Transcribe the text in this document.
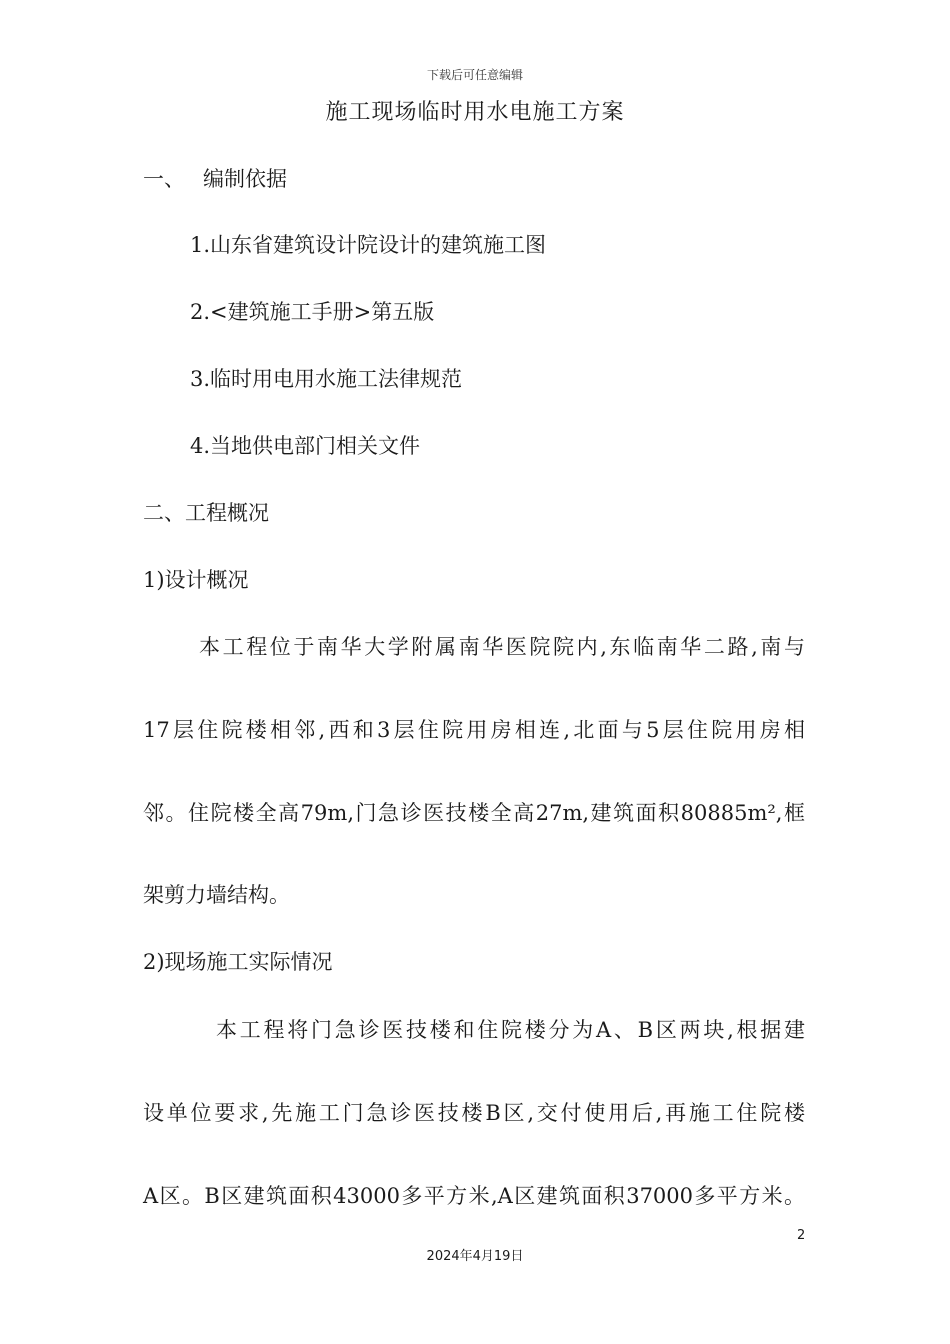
下载后可任意编辑
施工现场临时用水电施工方案
一、 编制依据
1.山东省建筑设计院设计的建筑施工图
2.<建筑施工手册>第五版
3.临时用电用水施工法律规范
4.当地供电部门相关文件
二、工程概况
1)设计概况
本工程位于南华大学附属南华医院院内,东临南华二路,南与
17层住院楼相邻,西和3层住院用房相连,北面与5层住院用房相
邻。住院楼全高79m,门急诊医技楼全高27m,建筑面积80885m²,框
架剪力墙结构。
2)现场施工实际情况
本工程将门急诊医技楼和住院楼分为A、B区两块,根据建
设单位要求,先施工门急诊医技楼B区,交付使用后,再施工住院楼
A区。B区建筑面积43000多平方米,A区建筑面积37000多平方米。
2
2024年4月19日
